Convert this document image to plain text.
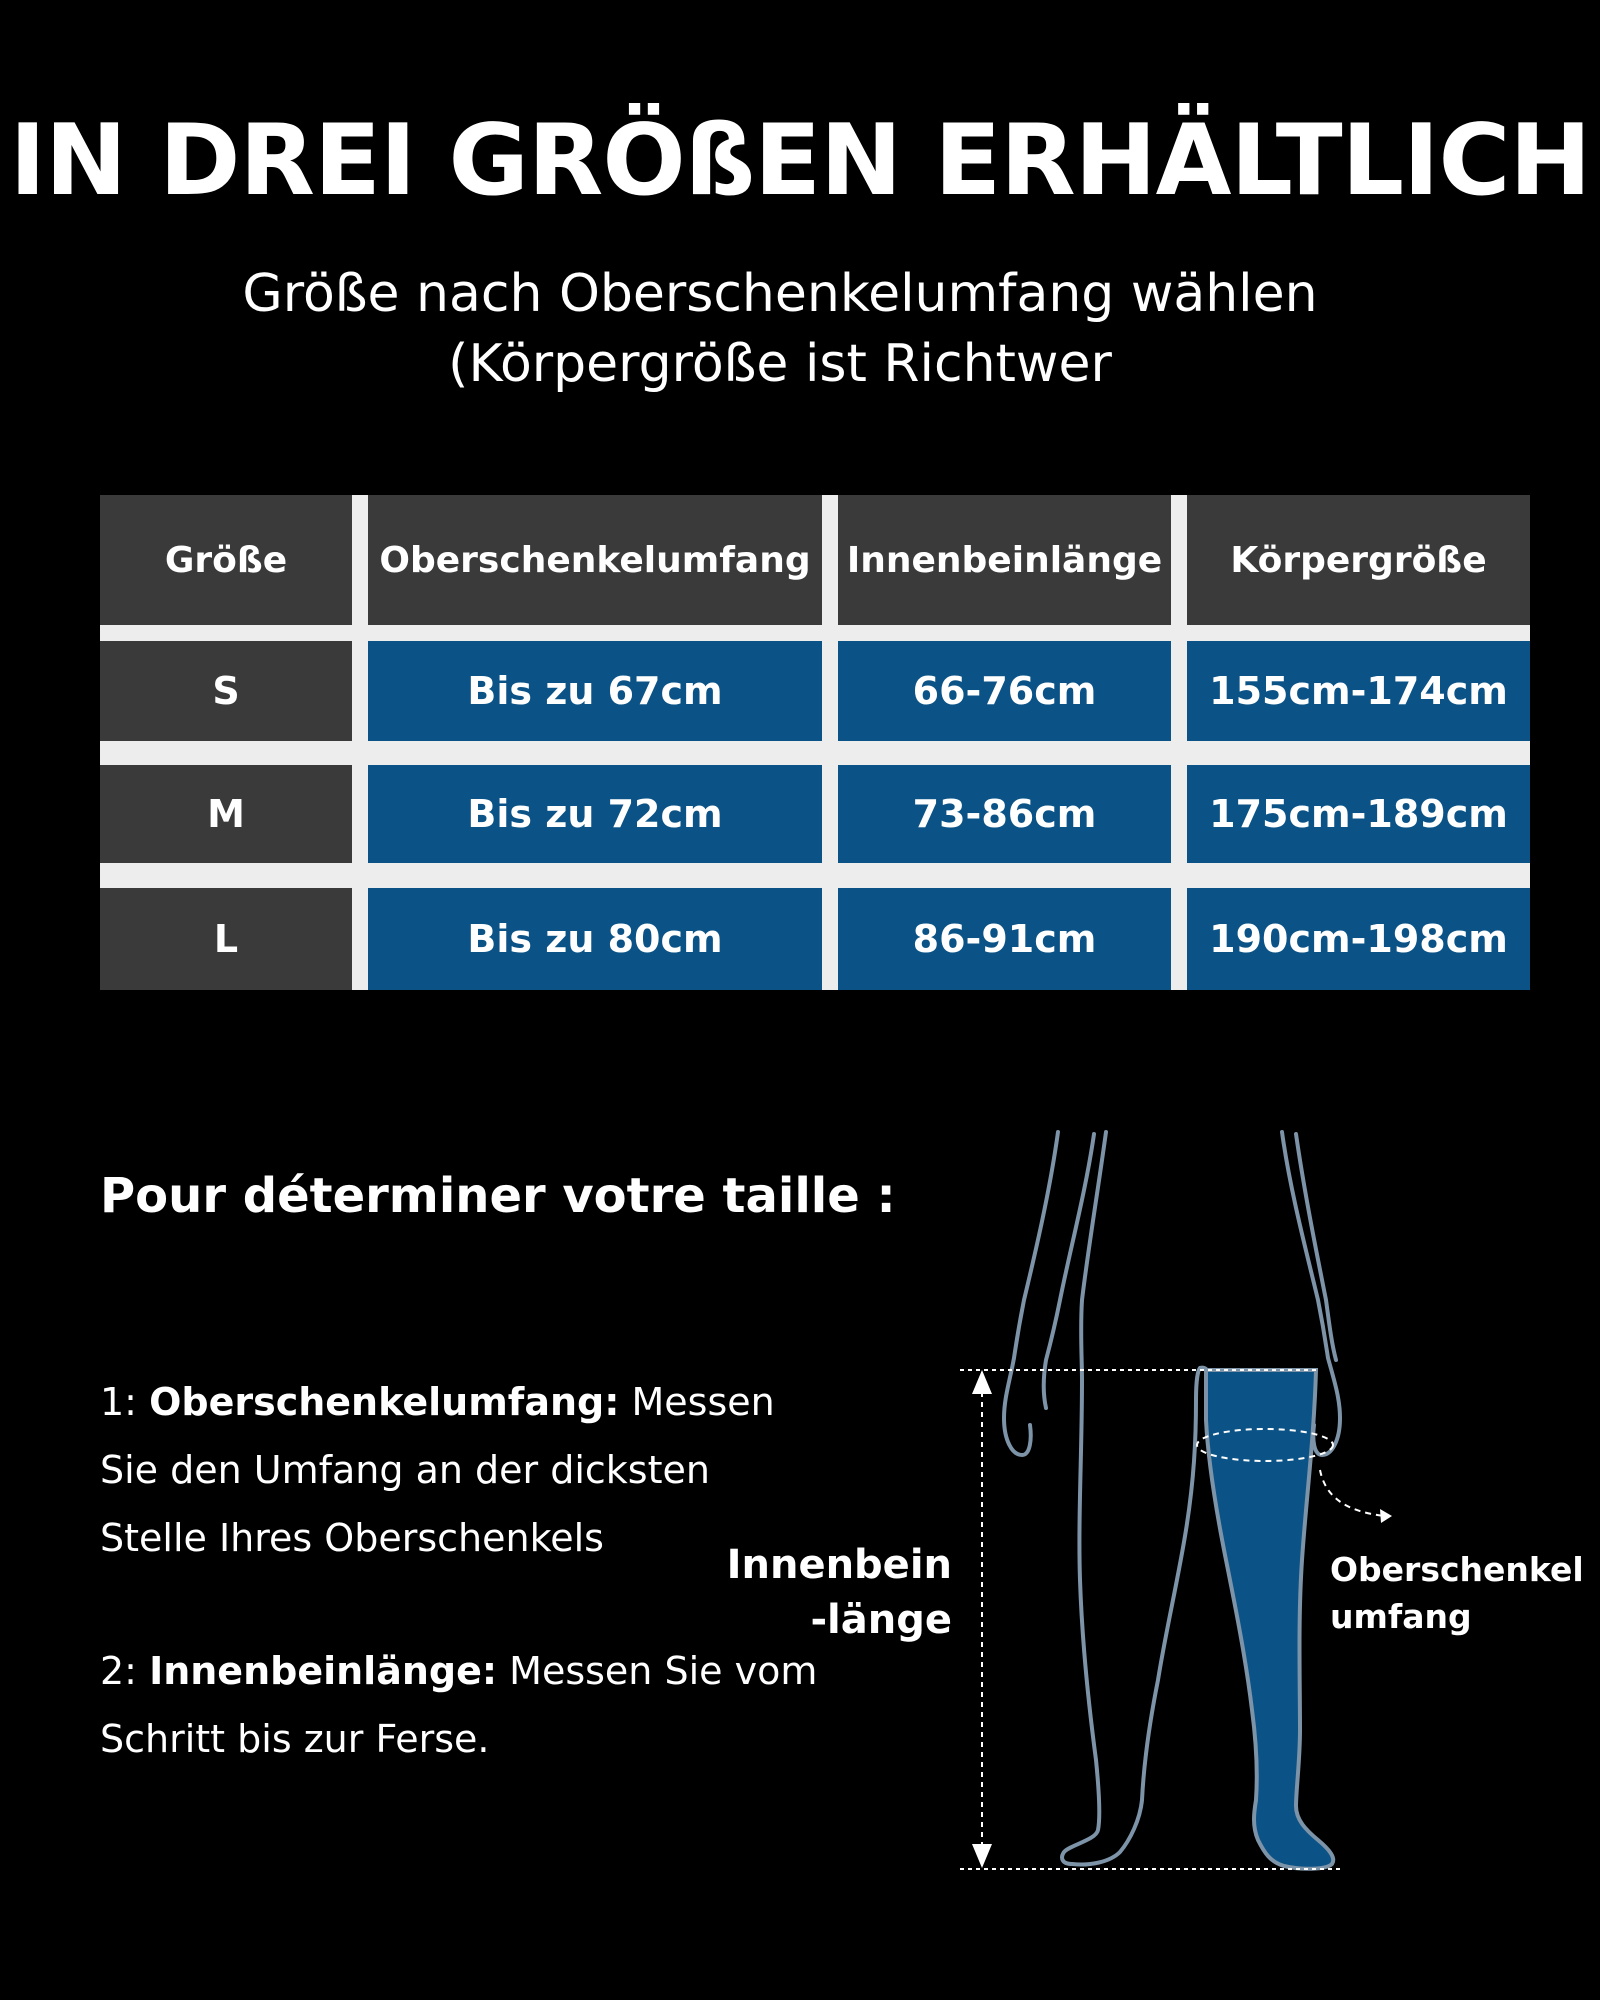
IN DREI GRÖßEN ERHÄLTLICH
Größe nach Oberschenkelumfang wählen
(Körpergröße ist Richtwer
Größe	Oberschenkelumfang	Innenbeinlänge	Körpergröße
S	Bis zu 67cm	66-76cm	155cm-174cm
M	Bis zu 72cm	73-86cm	175cm-189cm
L	Bis zu 80cm	86-91cm	190cm-198cm
Pour déterminer votre taille :
1: Oberschenkelumfang: Messen Sie den Umfang an der dicksten Stelle Ihres Oberschenkels
2: Innenbeinlänge: Messen Sie vom Schritt bis zur Ferse.
Innenbein
-länge
Oberschenkel
umfang
